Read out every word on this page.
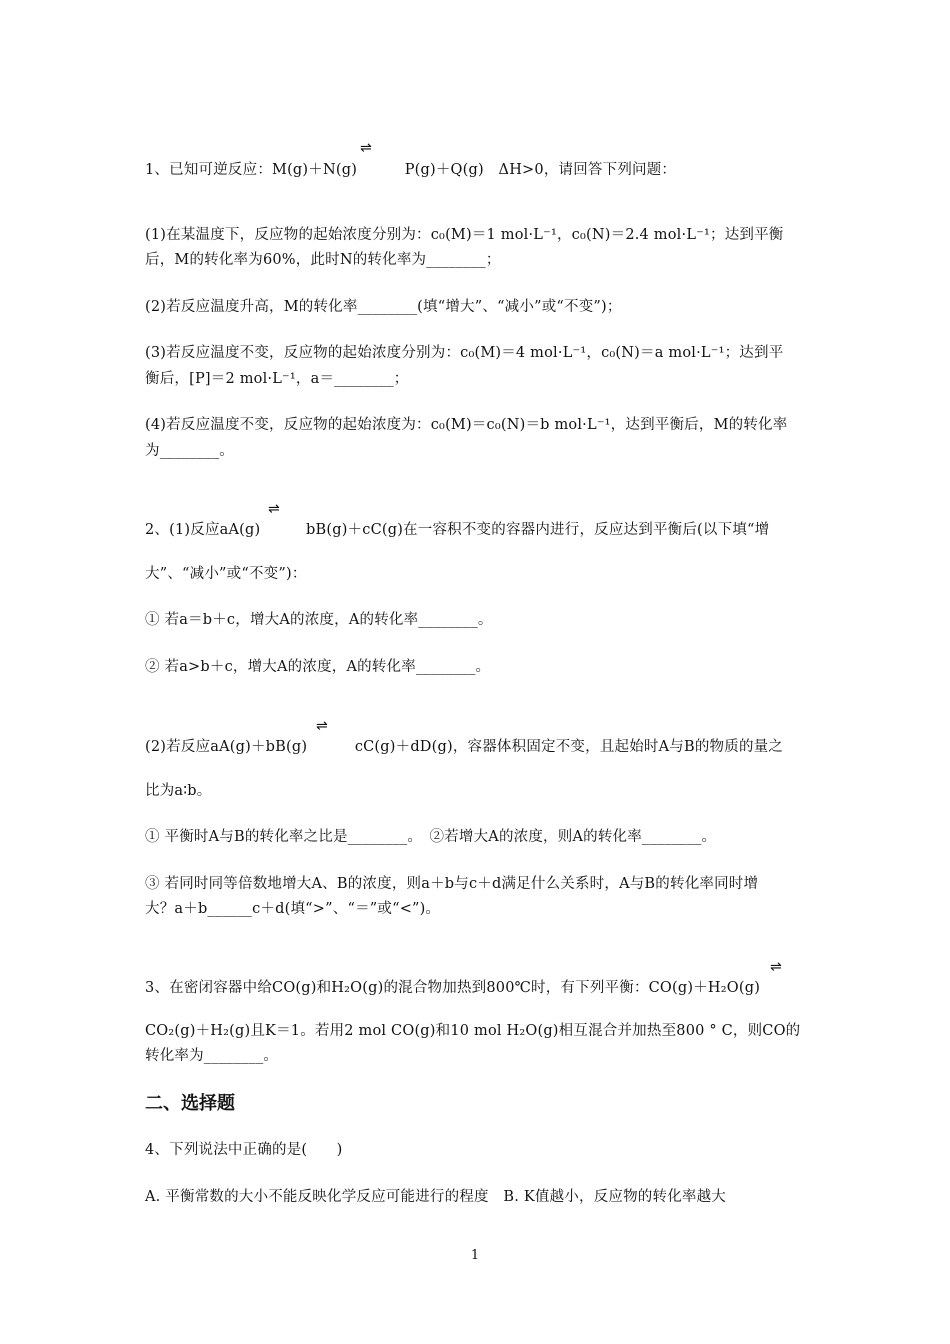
⇌
1、已知可逆反应：M(g)＋N(g)	P(g)＋Q(g)　ΔH>0，请回答下列问题：
(1)在某温度下，反应物的起始浓度分别为：c₀(M)＝1 mol·L⁻¹，c₀(N)＝2.4 mol·L⁻¹；达到平衡
后，M的转化率为60%，此时N的转化率为________；
(2)若反应温度升高，M的转化率________(填“增大”、“减小”或“不变”)；
(3)若反应温度不变，反应物的起始浓度分别为：c₀(M)＝4 mol·L⁻¹，c₀(N)＝a mol·L⁻¹；达到平
衡后，[P]＝2 mol·L⁻¹，a＝________；
(4)若反应温度不变，反应物的起始浓度为：c₀(M)＝c₀(N)＝b mol·L⁻¹，达到平衡后，M的转化率
为________。
⇌
2、(1)反应aA(g)	bB(g)＋cC(g)在一容积不变的容器内进行，反应达到平衡后(以下填“增
大”、“减小”或“不变”)：
① 若a＝b＋c，增大A的浓度，A的转化率________。
② 若a>b＋c，增大A的浓度，A的转化率________。
⇌
(2)若反应aA(g)＋bB(g)	cC(g)＋dD(g)，容器体积固定不变，且起始时A与B的物质的量之
比为a∶b。
① 平衡时A与B的转化率之比是________。　②若增大A的浓度，则A的转化率________。
③ 若同时同等倍数地增大A、B的浓度，则a＋b与c＋d满足什么关系时，A与B的转化率同时增
大？a＋b______c＋d(填“>”、“＝”或“<”)。
⇌
3、在密闭容器中给CO(g)和H₂O(g)的混合物加热到800℃时，有下列平衡：CO(g)＋H₂O(g)
CO₂(g)＋H₂(g)且K＝1。若用2 mol CO(g)和10 mol H₂O(g)相互混合并加热至800 ° C，则CO的
转化率为________。
二、选择题
4、下列说法中正确的是(　　)
A. 平衡常数的大小不能反映化学反应可能进行的程度　B. K值越小，反应物的转化率越大
1
